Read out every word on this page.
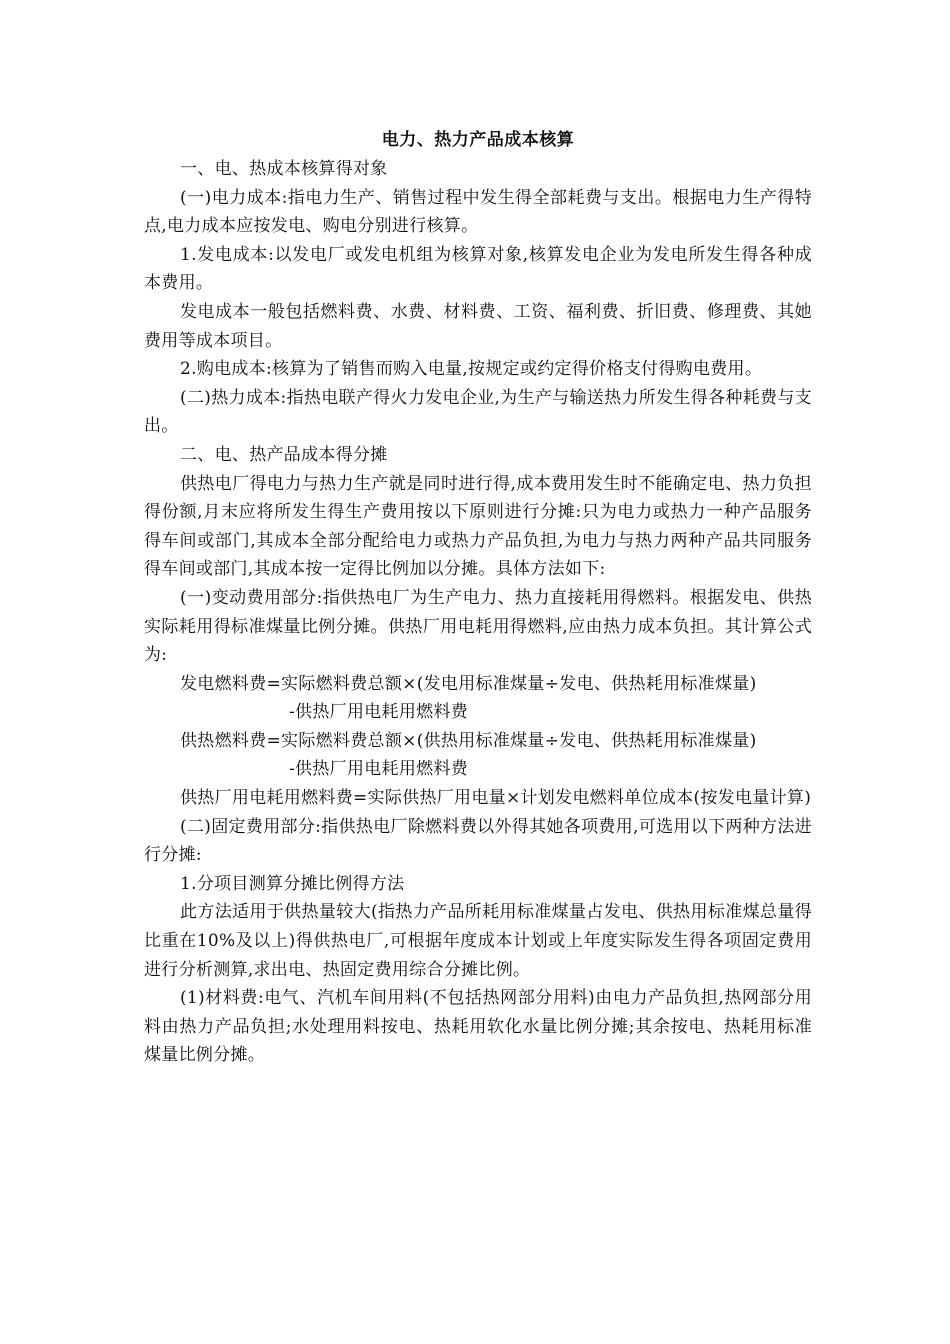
电力、热力产品成本核算

一、电、热成本核算得对象

(一)电力成本:指电力生产、销售过程中发生得全部耗费与支出。根据电力生产得特点,电力成本应按发电、购电分别进行核算。

1.发电成本:以发电厂或发电机组为核算对象,核算发电企业为发电所发生得各种成本费用。

发电成本一般包括燃料费、水费、材料费、工资、福利费、折旧费、修理费、其她费用等成本项目。

2.购电成本:核算为了销售而购入电量,按规定或约定得价格支付得购电费用。

(二)热力成本:指热电联产得火力发电企业,为生产与输送热力所发生得各种耗费与支出。

二、电、热产品成本得分摊

供热电厂得电力与热力生产就是同时进行得,成本费用发生时不能确定电、热力负担得份额,月末应将所发生得生产费用按以下原则进行分摊:只为电力或热力一种产品服务得车间或部门,其成本全部分配给电力或热力产品负担,为电力与热力两种产品共同服务得车间或部门,其成本按一定得比例加以分摊。具体方法如下:

(一)变动费用部分:指供热电厂为生产电力、热力直接耗用得燃料。根据发电、供热实际耗用得标准煤量比例分摊。供热厂用电耗用得燃料,应由热力成本负担。其计算公式为:

发电燃料费=实际燃料费总额×(发电用标准煤量÷发电、供热耗用标准煤量)

-供热厂用电耗用燃料费

供热燃料费=实际燃料费总额×(供热用标准煤量÷发电、供热耗用标准煤量)

-供热厂用电耗用燃料费

供热厂用电耗用燃料费=实际供热厂用电量×计划发电燃料单位成本(按发电量计算)

(二)固定费用部分:指供热电厂除燃料费以外得其她各项费用,可选用以下两种方法进行分摊:

1.分项目测算分摊比例得方法

此方法适用于供热量较大(指热力产品所耗用标准煤量占发电、供热用标准煤总量得比重在10%及以上)得供热电厂,可根据年度成本计划或上年度实际发生得各项固定费用进行分析测算,求出电、热固定费用综合分摊比例。

(1)材料费:电气、汽机车间用料(不包括热网部分用料)由电力产品负担,热网部分用料由热力产品负担;水处理用料按电、热耗用软化水量比例分摊;其余按电、热耗用标准煤量比例分摊。
